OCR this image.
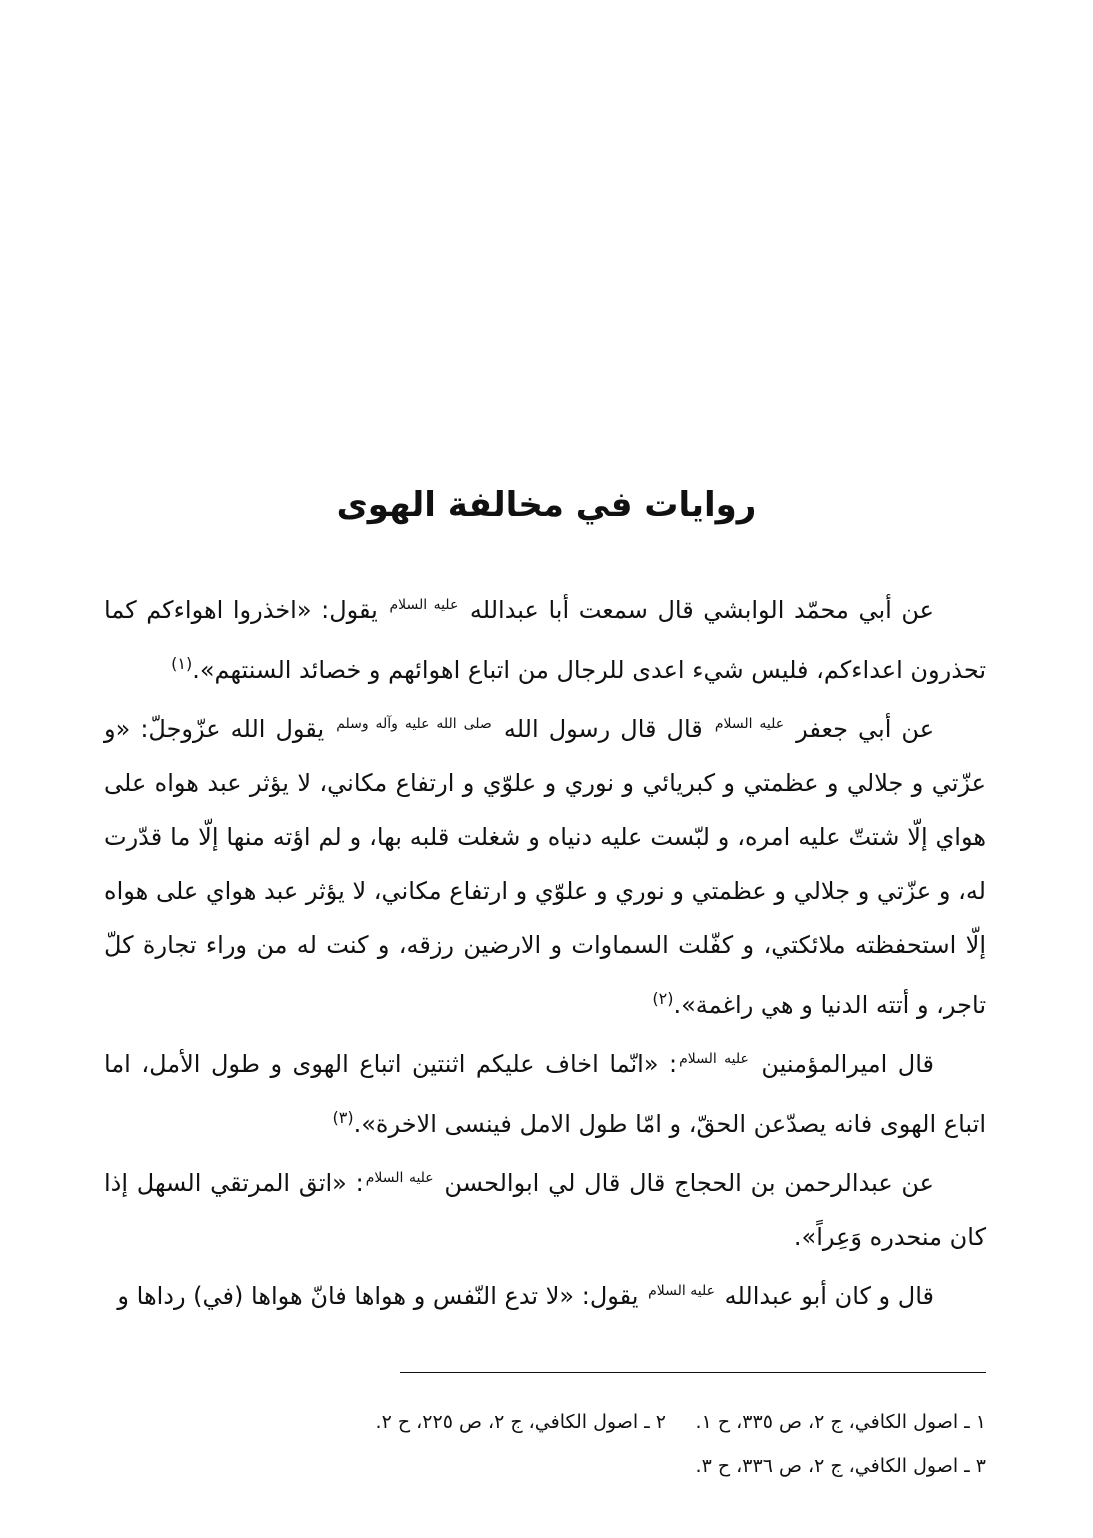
روايات في مخالفة الهوى

عن أبي محمّد الوابشي قال سمعت أبا عبدالله $^{عليه السلام}$ يقول: «اخذروا اهواءكم كما تحذرون اعداءكم، فليس شيء اعدى للرجال من اتباع اهوائهم و خصائد السنتهم».$^{(١)}$

عن أبي جعفر $^{عليه السلام}$ قال قال رسول الله $^{صلى الله عليه وآله وسلم}$ يقول الله عزّوجلّ: «و عزّتي و جلالي و عظمتي و كبريائي و نوري و علوّي و ارتفاع مكاني، لا يؤثر عبد هواه على هواي إلّا شتتّ عليه امره، و لبّست عليه دنياه و شغلت قلبه بها، و لم اؤته منها إلّا ما قدّرت له، و عزّتي و جلالي و عظمتي و نوري و علوّي و ارتفاع مكاني، لا يؤثر عبد هواي على هواه إلّا استحفظته ملائكتي، و كفّلت السماوات و الارضين رزقه، و كنت له من وراء تجارة كلّ تاجر، و أتته الدنيا و هي راغمة».$^{(٢)}$

قال اميرالمؤمنين $^{عليه السلام}$: «انّما اخاف عليكم اثنتين اتباع الهوى و طول الأمل، اما اتباع الهوى فانه يصدّعن الحقّ، و امّا طول الامل فينسى الاخرة».$^{(٣)}$

عن عبدالرحمن بن الحجاج قال قال لي ابوالحسن $^{عليه السلام}$: «اتق المرتقي السهل إذا كان منحدره وَعِراً».

قال و كان أبو عبدالله $^{عليه السلام}$ يقول: «لا تدع النّفس و هواها فانّ هواها (في) رداها و

١ ـ اصول الكافي، ج ٢، ص ٣٣٥، ح ١.
٢ ـ اصول الكافي، ج ٢، ص ٢٢٥، ح ٢.
٣ ـ اصول الكافي، ج ٢، ص ٣٣٦، ح ٣.
